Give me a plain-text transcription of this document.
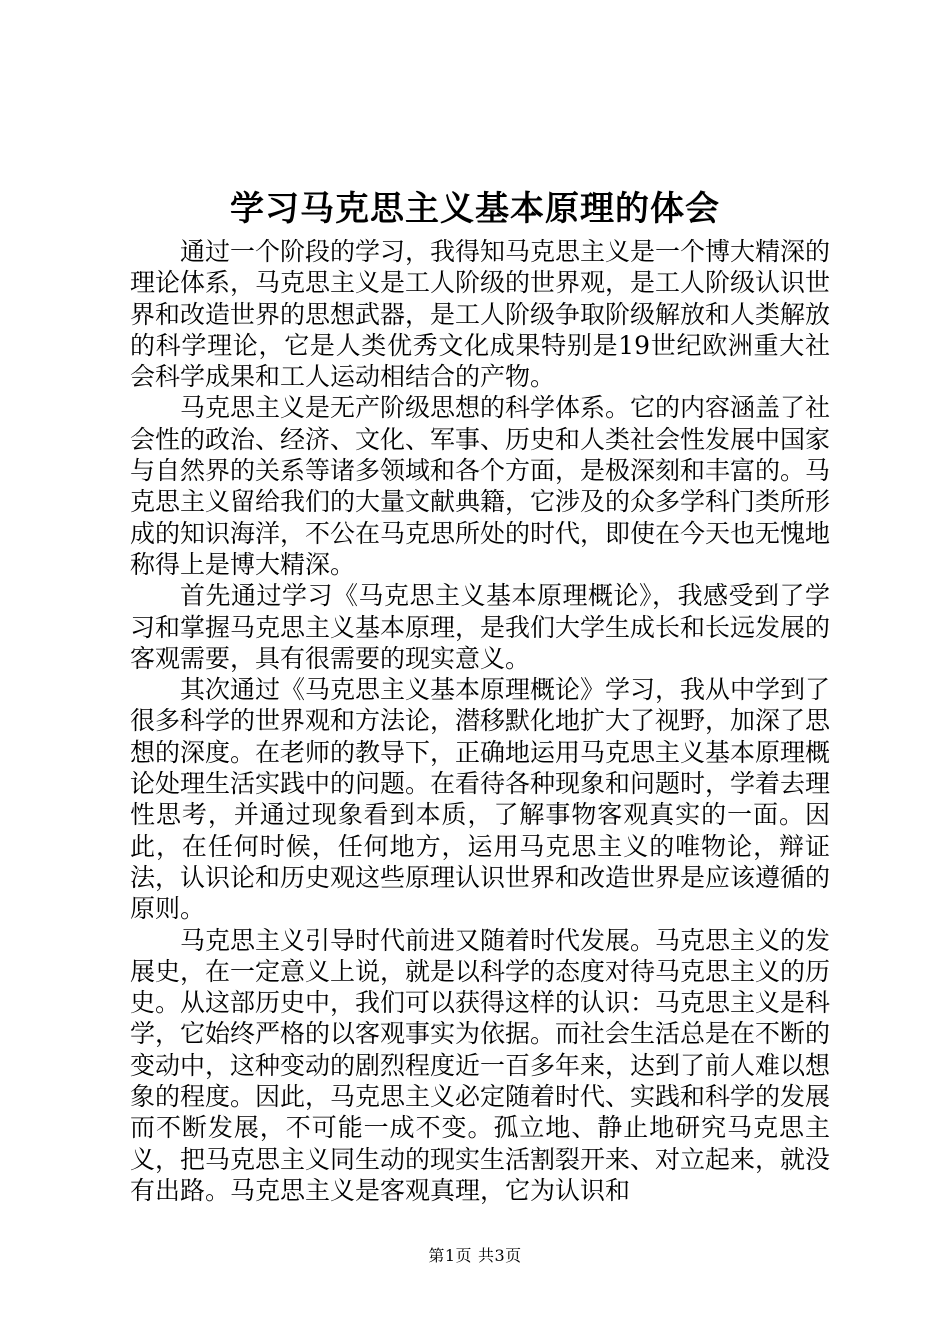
学习马克思主义基本原理的体会

通过一个阶段的学习，我得知马克思主义是一个博大精深的理论体系，马克思主义是工人阶级的世界观，是工人阶级认识世界和改造世界的思想武器，是工人阶级争取阶级解放和人类解放的科学理论，它是人类优秀文化成果特别是19世纪欧洲重大社会科学成果和工人运动相结合的产物。

马克思主义是无产阶级思想的科学体系。它的内容涵盖了社会性的政治、经济、文化、军事、历史和人类社会性发展中国家与自然界的关系等诸多领域和各个方面，是极深刻和丰富的。马克思主义留给我们的大量文献典籍，它涉及的众多学科门类所形成的知识海洋，不公在马克思所处的时代，即使在今天也无愧地称得上是博大精深。

首先通过学习《马克思主义基本原理概论》，我感受到了学习和掌握马克思主义基本原理，是我们大学生成长和长远发展的客观需要，具有很需要的现实意义。

其次通过《马克思主义基本原理概论》学习，我从中学到了很多科学的世界观和方法论，潜移默化地扩大了视野，加深了思想的深度。在老师的教导下，正确地运用马克思主义基本原理概论处理生活实践中的问题。在看待各种现象和问题时，学着去理性思考，并通过现象看到本质，了解事物客观真实的一面。因此，在任何时候，任何地方，运用马克思主义的唯物论，辩证法，认识论和历史观这些原理认识世界和改造世界是应该遵循的原则。

马克思主义引导时代前进又随着时代发展。马克思主义的发展史，在一定意义上说，就是以科学的态度对待马克思主义的历史。从这部历史中，我们可以获得这样的认识：马克思主义是科学，它始终严格的以客观事实为依据。而社会生活总是在不断的变动中，这种变动的剧烈程度近一百多年来，达到了前人难以想象的程度。因此，马克思主义必定随着时代、实践和科学的发展而不断发展，不可能一成不变。孤立地、静止地研究马克思主义，把马克思主义同生动的现实生活割裂开来、对立起来，就没有出路。马克思主义是客观真理，它为认识和

第1页 共3页
